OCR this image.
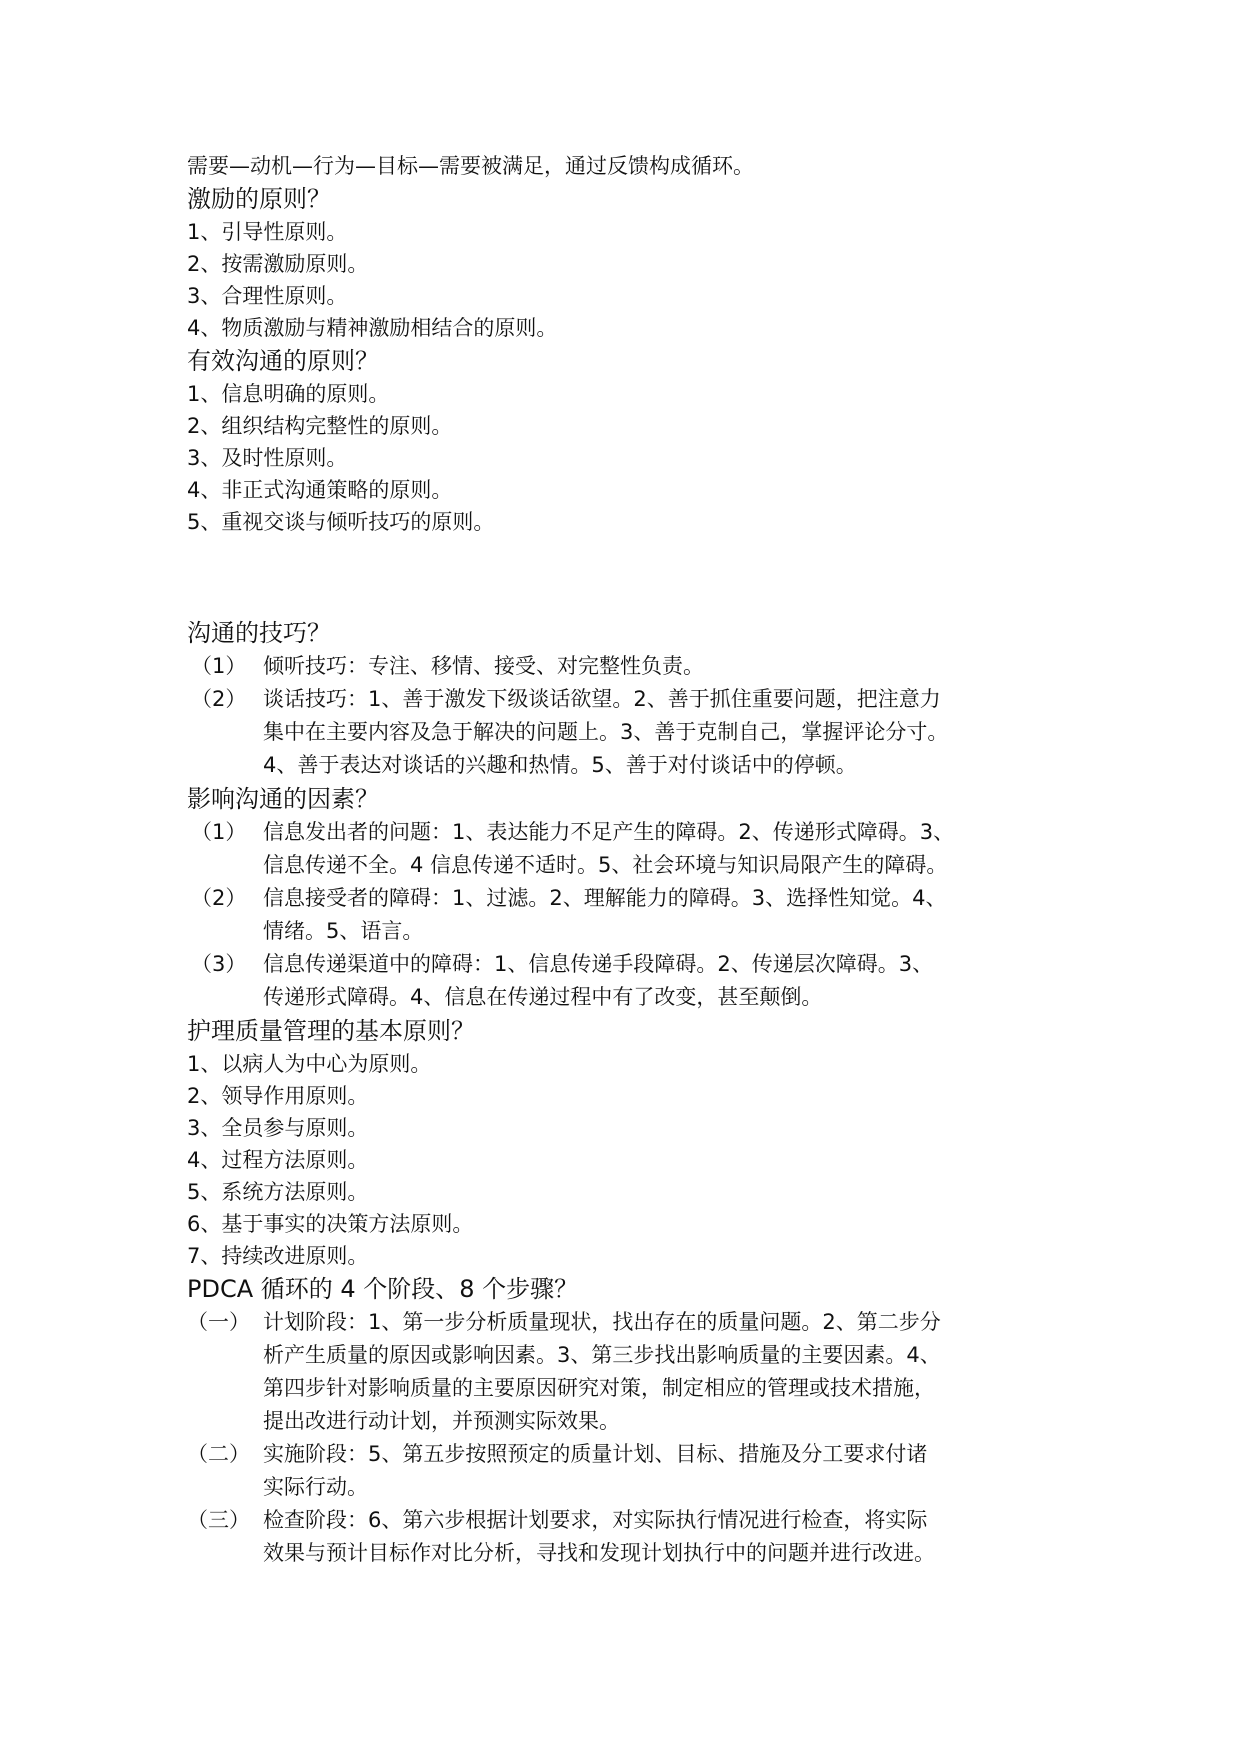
需要—动机—行为—目标—需要被满足，通过反馈构成循环。
激励的原则？
1、引导性原则。
2、按需激励原则。
3、合理性原则。
4、物质激励与精神激励相结合的原则。
有效沟通的原则？
1、信息明确的原则。
2、组织结构完整性的原则。
3、及时性原则。
4、非正式沟通策略的原则。
5、重视交谈与倾听技巧的原则。
沟通的技巧？
（1） 倾听技巧：专注、移情、接受、对完整性负责。
（2） 谈话技巧：1、善于激发下级谈话欲望。2、善于抓住重要问题，把注意力
集中在主要内容及急于解决的问题上。3、善于克制自己，掌握评论分寸。
4、善于表达对谈话的兴趣和热情。5、善于对付谈话中的停顿。
影响沟通的因素？
（1） 信息发出者的问题：1、表达能力不足产生的障碍。2、传递形式障碍。3、
信息传递不全。4 信息传递不适时。5、社会环境与知识局限产生的障碍。
（2） 信息接受者的障碍：1、过滤。2、理解能力的障碍。3、选择性知觉。4、
情绪。5、语言。
（3） 信息传递渠道中的障碍：1、信息传递手段障碍。2、传递层次障碍。3、
传递形式障碍。4、信息在传递过程中有了改变，甚至颠倒。
护理质量管理的基本原则？
1、以病人为中心为原则。
2、领导作用原则。
3、全员参与原则。
4、过程方法原则。
5、系统方法原则。
6、基于事实的决策方法原则。
7、持续改进原则。
PDCA 循环的 4 个阶段、8 个步骤？
（一） 计划阶段：1、第一步分析质量现状，找出存在的质量问题。2、第二步分
析产生质量的原因或影响因素。3、第三步找出影响质量的主要因素。4、
第四步针对影响质量的主要原因研究对策，制定相应的管理或技术措施，
提出改进行动计划，并预测实际效果。
（二） 实施阶段：5、第五步按照预定的质量计划、目标、措施及分工要求付诸
实际行动。
（三） 检查阶段：6、第六步根据计划要求，对实际执行情况进行检查，将实际
效果与预计目标作对比分析，寻找和发现计划执行中的问题并进行改进。
